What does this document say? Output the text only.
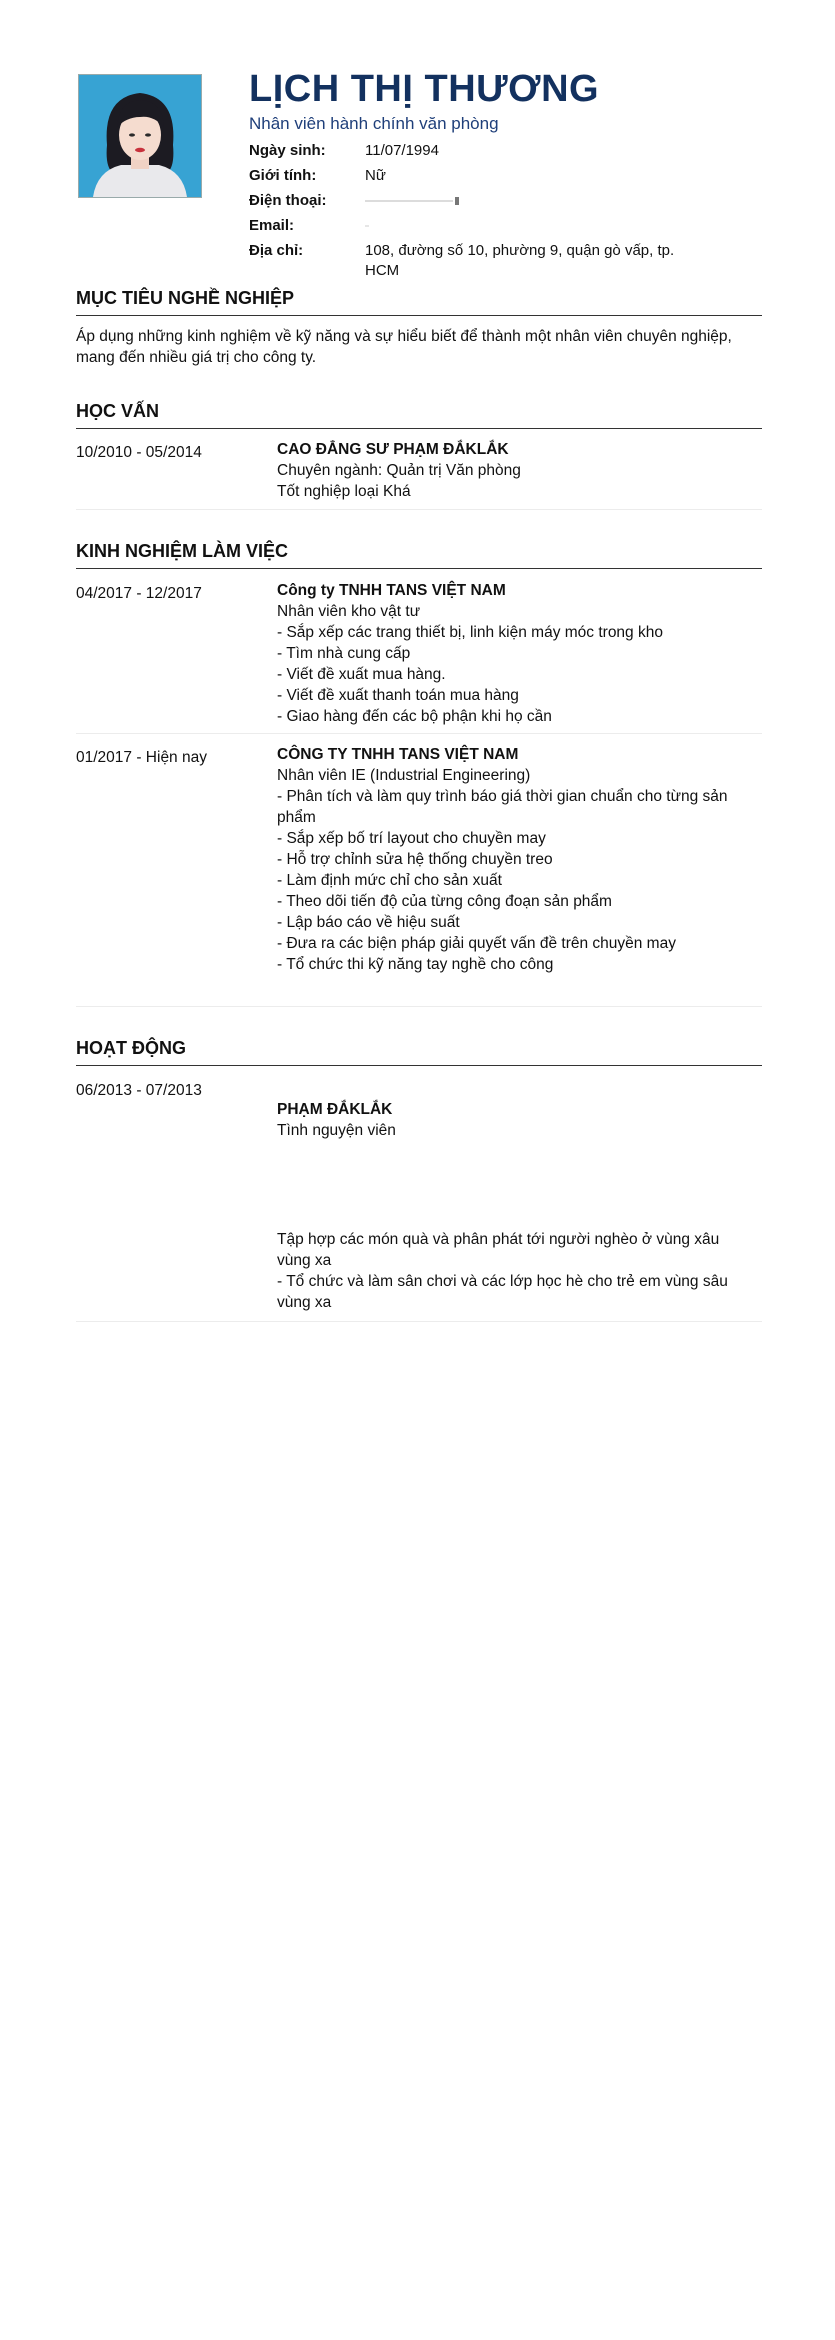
LỊCH THỊ THƯƠNG
Nhân viên hành chính văn phòng
Ngày sinh:	11/07/1994
Giới tính:	Nữ
Điện thoại:
Email:
Địa chỉ:	108, đường số 10, phường 9, quận gò vấp, tp. HCM
MỤC TIÊU NGHỀ NGHIỆP
Áp dụng những kinh nghiệm về kỹ năng và sự hiểu biết để thành một nhân viên chuyên nghiệp, mang đến nhiều giá trị cho công ty.
HỌC VẤN
10/2010 - 05/2014	CAO ĐẲNG SƯ PHẠM ĐẮKLẮK
Chuyên ngành: Quản trị Văn phòng
Tốt nghiệp loại Khá
KINH NGHIỆM LÀM VIỆC
04/2017 - 12/2017	Công ty TNHH TANS VIỆT NAM
Nhân viên kho vật tư
- Sắp xếp các trang thiết bị, linh kiện máy móc trong kho
- Tìm nhà cung cấp
- Viết đề xuất mua hàng.
- Viết đề xuất thanh toán mua hàng
- Giao hàng đến các bộ phận khi họ cần
01/2017 - Hiện nay	CÔNG TY TNHH TANS VIỆT NAM
Nhân viên IE (Industrial Engineering)
- Phân tích và làm quy trình báo giá thời gian chuẩn cho từng sản phẩm
- Sắp xếp bố trí layout cho chuyền may
- Hỗ trợ chỉnh sửa hệ thống chuyền treo
- Làm định mức chỉ cho sản xuất
- Theo dõi tiến độ của từng công đoạn sản phẩm
- Lập báo cáo về hiệu suất
- Đưa ra các biện pháp giải quyết vấn đề trên chuyền may
- Tổ chức thi kỹ năng tay nghề cho công
HOẠT ĐỘNG
06/2013 - 07/2013
PHẠM ĐẮKLẮK
Tình nguyện viên
Tập hợp các món quà và phân phát tới người nghèo ở vùng xâu vùng xa
- Tổ chức và làm sân chơi và các lớp học hè cho trẻ em vùng sâu vùng xa
